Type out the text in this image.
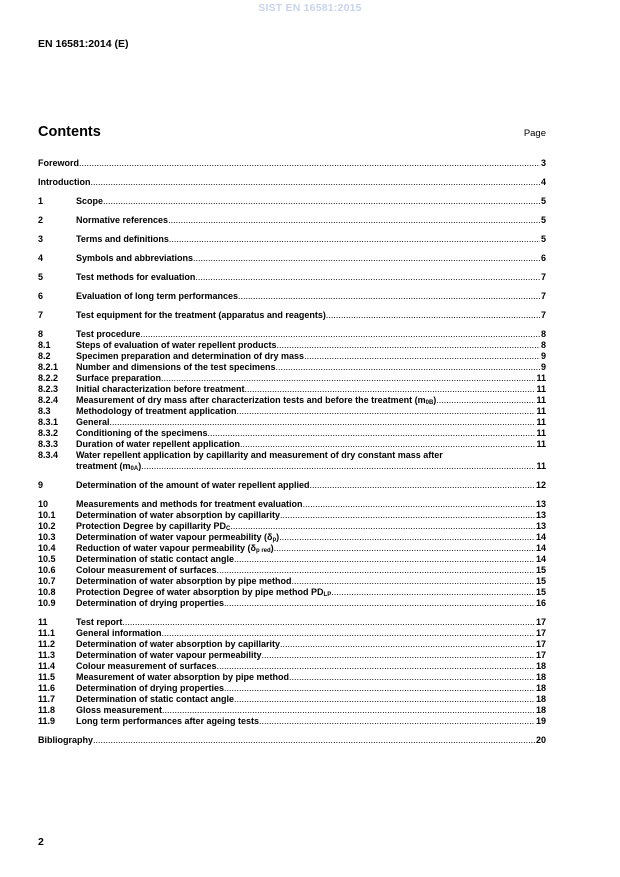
SIST EN 16581:2015
EN 16581:2014 (E)
Contents	Page
Foreword .....	3
Introduction .....	4
1	Scope .....	5
2	Normative references .....	5
3	Terms and definitions .....	5
4	Symbols and abbreviations .....	6
5	Test methods for evaluation .....	7
6	Evaluation of long term performances .....	7
7	Test equipment for the treatment (apparatus and reagents) .....	7
8	Test procedure .....	8
8.1	Steps of evaluation of water repellent products .....	8
8.2	Specimen preparation and determination of dry mass .....	9
8.2.1	Number and dimensions of the test specimens .....	9
8.2.2	Surface preparation .....	11
8.2.3	Initial characterization before treatment .....	11
8.2.4	Measurement of dry mass after characterization tests and before the treatment $(m_{0B})$ .....	11
8.3	Methodology of treatment application .....	11
8.3.1	General .....	11
8.3.2	Conditioning of the specimens .....	11
8.3.3	Duration of water repellent application .....	11
8.3.4	Water repellent application by capillarity and measurement of dry constant mass after
treatment $(m_{0A})$ .....	11
9	Determination of the amount of water repellent applied .....	12
10	Measurements and methods for treatment evaluation .....	13
10.1	Determination of water absorption by capillarity .....	13
10.2	Protection Degree by capillarity $PD_C$ .....	13
10.3	Determination of water vapour permeability $(\delta_p)$ .....	14
10.4	Reduction of water vapour permeability $(\delta_{p red})$ .....	14
10.5	Determination of static contact angle .....	14
10.6	Colour measurement of surfaces .....	15
10.7	Determination of water absorption by pipe method .....	15
10.8	Protection Degree of water absorption by pipe method $PD_{LP}$ .....	15
10.9	Determination of drying properties .....	16
11	Test report .....	17
11.1	General information .....	17
11.2	Determination of water absorption by capillarity .....	17
11.3	Determination of water vapour permeability .....	17
11.4	Colour measurement of surfaces .....	18
11.5	Measurement of water absorption by pipe method .....	18
11.6	Determination of drying properties .....	18
11.7	Determination of static contact angle .....	18
11.8	Gloss measurement .....	18
11.9	Long term performances after ageing tests .....	19
Bibliography .....	20
2
